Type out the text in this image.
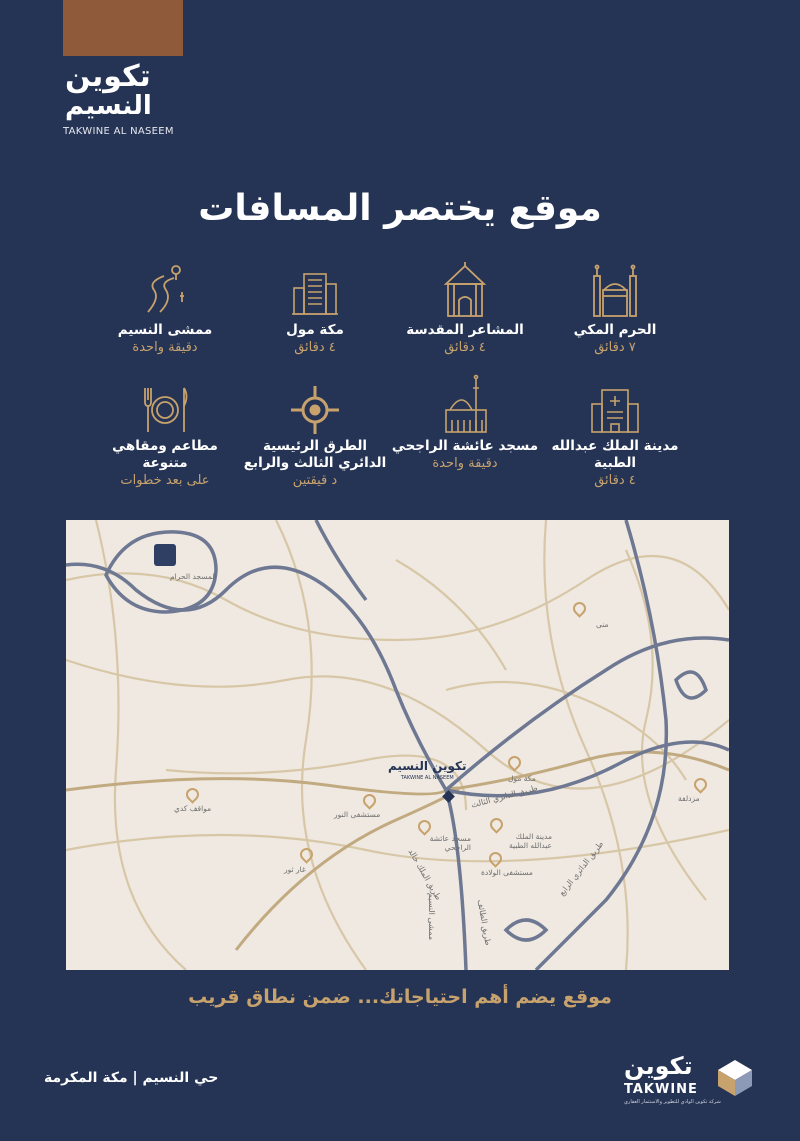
تكوين
النسيم
TAKWINE AL NASEEM
موقع يختصر المسافات
الحرم المكي
٧ دقائق
المشاعر المقدسة
٤ دقائق
مكة مول
٤ دقائق
ممشى النسيم
دقيقة واحدة
مدينة الملك عبدالله الطبية
٤ دقائق
مسجد عائشة الراجحي
دقيقة واحدة
الطرق الرئيسية الدائري الثالث والرابع
د قيقتين
مطاعم ومقاهي متنوعة
على بعد خطوات
المسجد الحرام
منى
مكة مول
مزدلفة
مواقف كدي
مستشفى النور
غار ثور
مدينة الملك عبدالله الطبية
مسجد عائشة الراجحي
مستشفى الولادة
طريق الدائري الثالث
طريق الدائري الرابع
طريق الملك خالد
ممشى النسيم	طريق الطائف
تكوين النسيم
TAKWINE AL NASEEM
موقع يضم أهم احتياجاتك... ضمن نطاق قريب
حي النسيم | مكة المكرمة	تكوين
TAKWINE
شركة تكوين الوادي للتطوير والاستثمار العقاري
